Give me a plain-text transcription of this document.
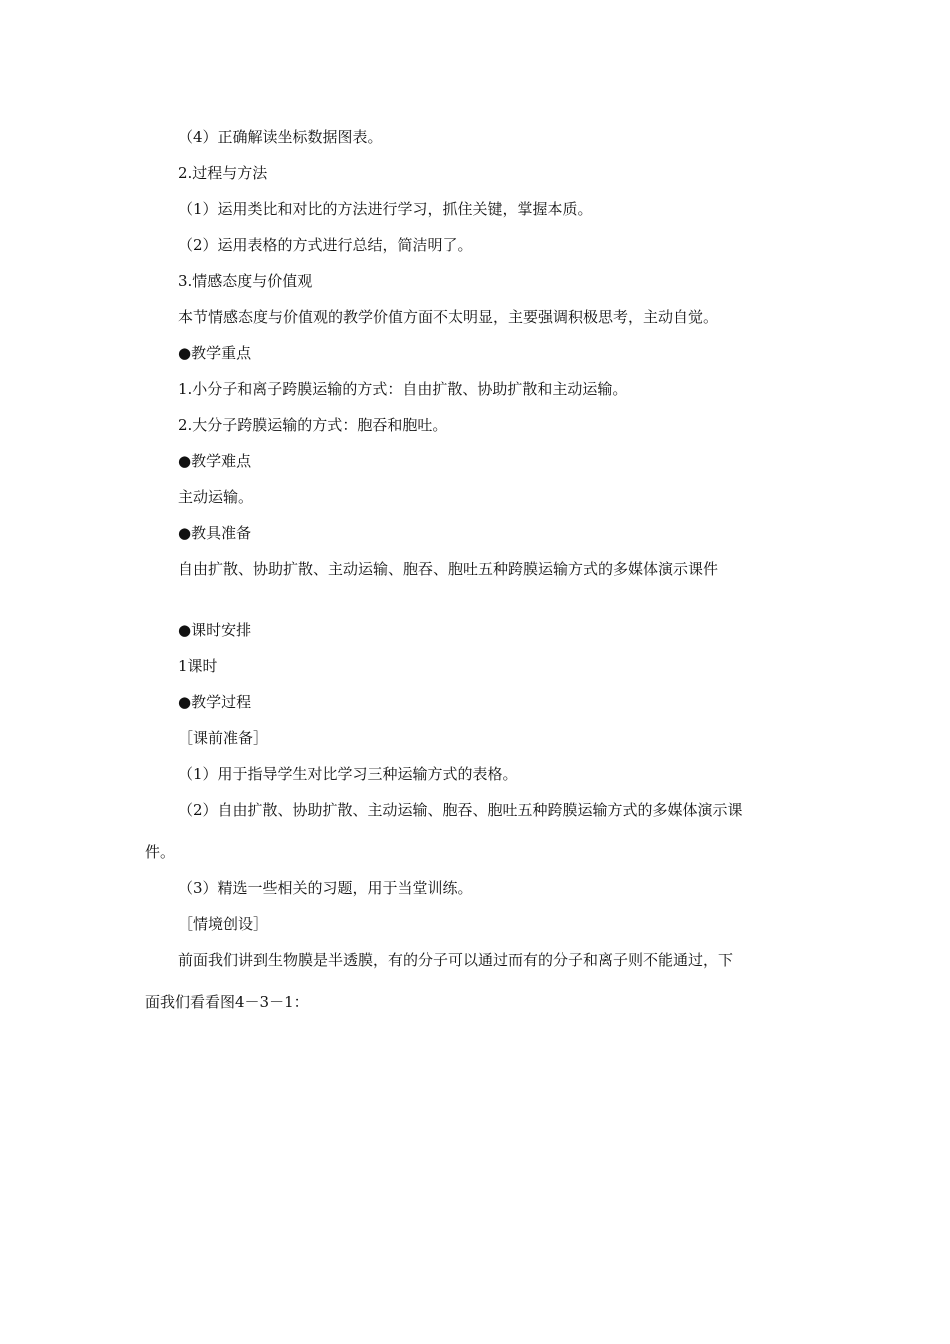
（4）正确解读坐标数据图表。

2.过程与方法

（1）运用类比和对比的方法进行学习，抓住关键，掌握本质。

（2）运用表格的方式进行总结，简洁明了。

3.情感态度与价值观

本节情感态度与价值观的教学价值方面不太明显，主要强调积极思考，主动自觉。

●教学重点

1.小分子和离子跨膜运输的方式：自由扩散、协助扩散和主动运输。

2.大分子跨膜运输的方式：胞吞和胞吐。

●教学难点

主动运输。

●教具准备

自由扩散、协助扩散、主动运输、胞吞、胞吐五种跨膜运输方式的多媒体演示课件

●课时安排

1课时

●教学过程

［课前准备］

（1）用于指导学生对比学习三种运输方式的表格。

（2）自由扩散、协助扩散、主动运输、胞吞、胞吐五种跨膜运输方式的多媒体演示课

件。

（3）精选一些相关的习题，用于当堂训练。

［情境创设］

前面我们讲到生物膜是半透膜，有的分子可以通过而有的分子和离子则不能通过，下

面我们看看图4－3－1：
